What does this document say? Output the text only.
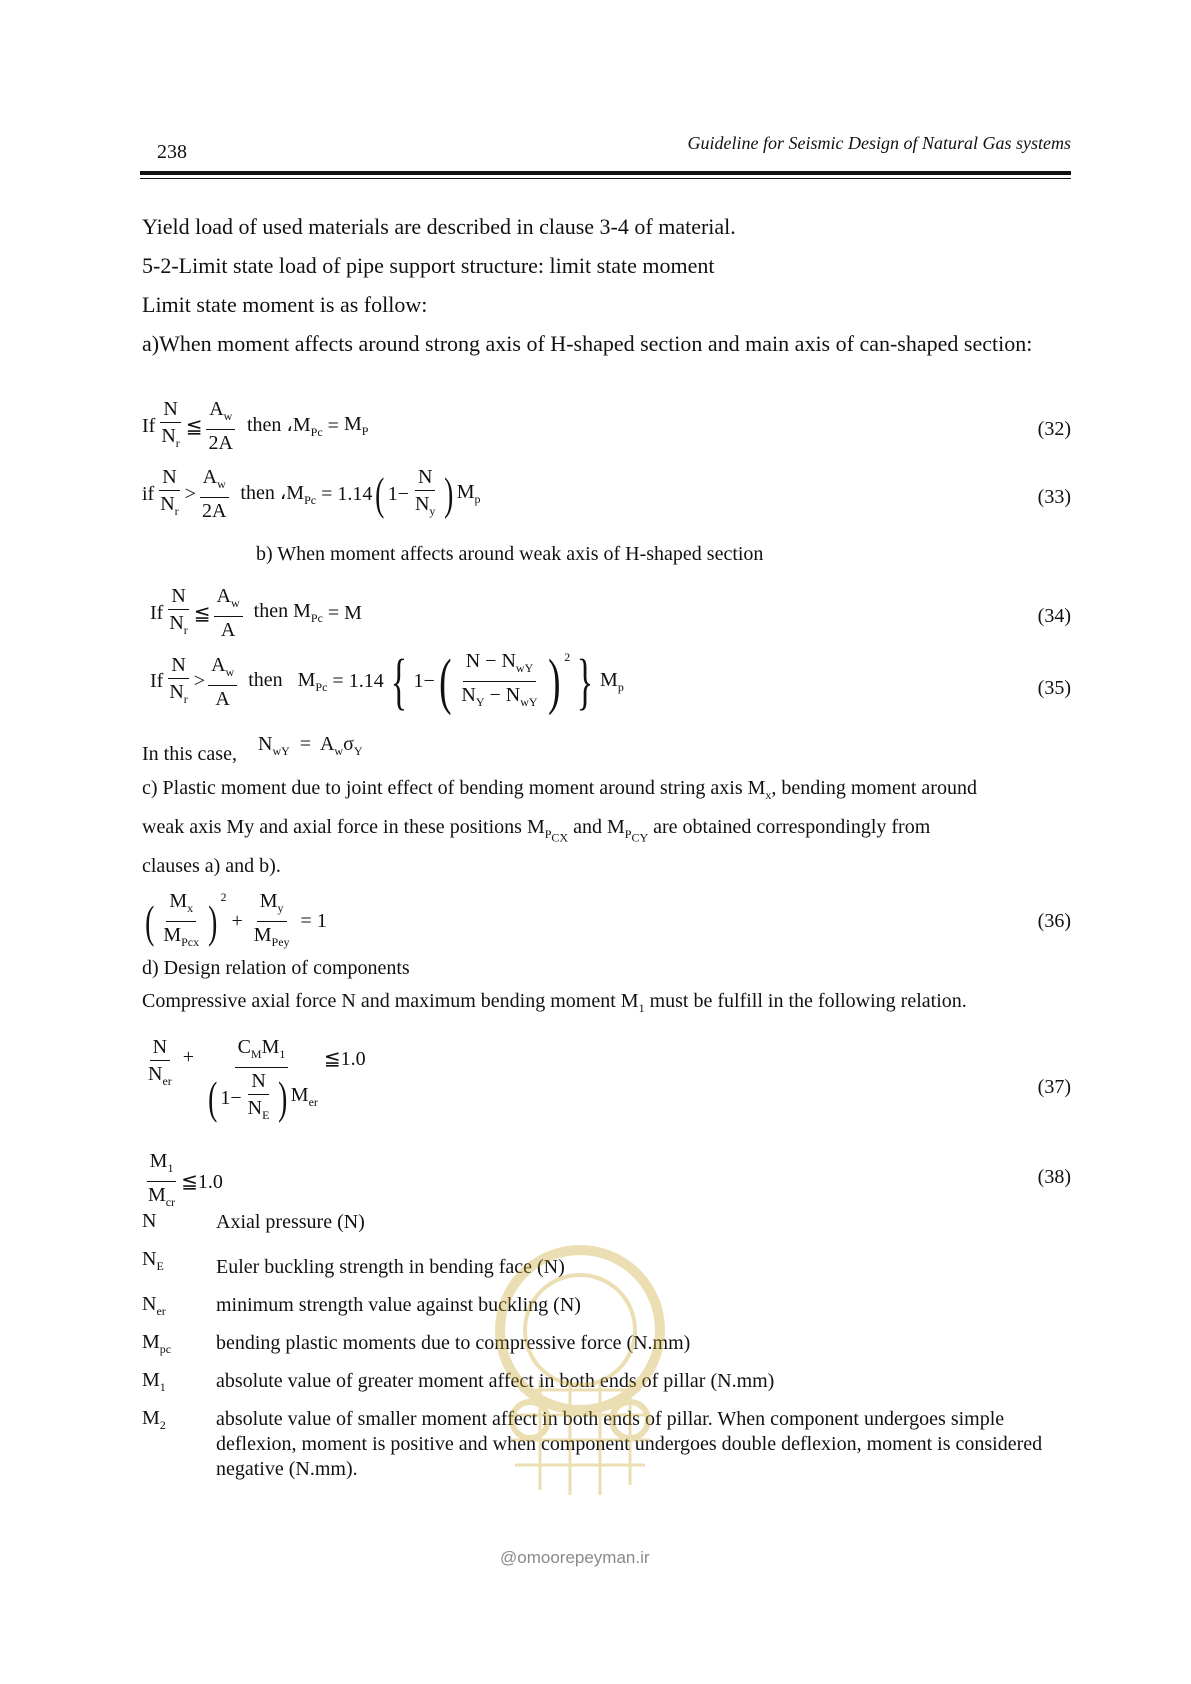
238	Guideline for Seismic Design of Natural Gas systems
Yield load of used materials are described in clause 3-4 of material.
5-2-Limit state load of pipe support structure: limit state moment
Limit state moment is as follow:
a)When moment affects around strong axis of H-shaped section and main axis of can-shaped section:
If $\frac{N}{N_r}$ ≦ $\frac{A_w}{2A}$ then $،M_{Pc} = M_P$	(32)
if $\frac{N}{N_r} > \frac{A_w}{2A}$ then $،M_{Pc} = 1.14$ ( $1- \frac{N}{N_y}$ ) $M_p$	(33)
b) When moment affects around weak axis of H-shaped section
If $\frac{N}{N_r}$ ≦ $\frac{A_w}{A}$ then $M_{Pc} = M$	(34)
If $\frac{N}{N_r} > \frac{A_w}{A}$ then   $M_{Pc} = 1.14$ { 1− ( $\frac{N - N_{wY}}{N_Y - N_{wY}}$ ) 2 } $M_p$	(35)
In this case,	$N_{wY} = A_w\sigma_Y$
c) Plastic moment due to joint effect of bending moment around string axis $M_x$, bending moment around
weak axis My and axial force in these positions $M_{P_{CX}}$ and $M_{P_{CY}}$ are obtained correspondingly from
clauses a) and b).
( $\frac{M_x}{M_{Pcx}}$ ) 2
+ $\frac{M_y}{M_{Pey}} = 1$	(36)
d) Design relation of components
Compressive axial force N and maximum bending moment $M_1$ must be fulfill in the following relation.
$\frac{N}{N_{er}} + \frac{C_MM_1}{( 1- \frac{N}{N_E} ) M_{er}}$ ≦1.0
(37)
$\frac{M_1}{M_{cr}}$ ≦1.0	(38)
N	Axial pressure (N)
$N_E$	Euler buckling strength in bending face (N)
$N_{er}$	minimum strength value against buckling (N)
$M_{pc}$ bending plastic moments due to compressive force (N.mm)
$M_1$	absolute value of greater moment affect in both ends of pillar (N.mm)
$M_2$	absolute value of smaller moment affect in both ends of pillar. When component undergoes simple deflexion, moment is positive and when component undergoes double deflexion, moment is considered negative (N.mm).
@omoorepeyman.ir
